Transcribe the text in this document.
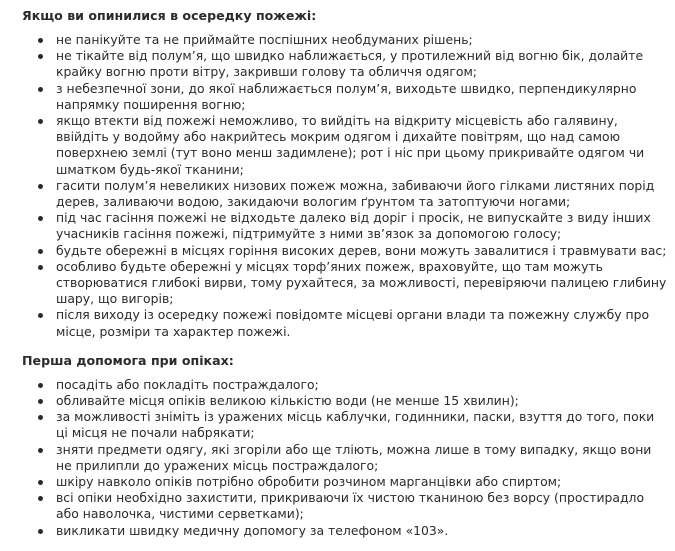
Якщо ви опинилися в осередку пожежі:

не панікуйте та не приймайте поспішних необдуманих рішень;
не тікайте від полум’я, що швидко наближається, у протилежний від вогню бік, долайте крайку вогню проти вітру, закривши голову та обличчя одягом;
з небезпечної зони, до якої наближається полум’я, виходьте швидко, перпендикулярно напрямку поширення вогню;
якщо втекти від пожежі неможливо, то вийдіть на відкриту місцевість або галявину, ввійдіть у водойму або накрийтесь мокрим одягом і дихайте повітрям, що над самою поверхнею землі (тут воно менш задимлене); рот і ніс при цьому прикривайте одягом чи шматком будь-якої тканини;
гасити полум’я невеликих низових пожеж можна, забиваючи його гілками листяних порід дерев, заливаючи водою, закидаючи вологим ґрунтом та затоптуючи ногами;
під час гасіння пожежі не відходьте далеко від доріг і просік, не випускайте з виду інших учасників гасіння пожежі, підтримуйте з ними зв’язок за допомогою голосу;
будьте обережні в місцях горіння високих дерев, вони можуть завалитися і травмувати вас;
особливо будьте обережні у місцях торф’яних пожеж, враховуйте, що там можуть створюватися глибокі вирви, тому рухайтеся, за можливості, перевіряючи палицею глибину шару, що вигорів;
після виходу із осередку пожежі повідомте місцеві органи влади та пожежну службу про місце, розміри та характер пожежі.

Перша допомога при опіках:

посадіть або покладіть постраждалого;
обливайте місця опіків великою кількістю води (не менше 15 хвилин);
за можливості зніміть із уражених місць каблучки, годинники, паски, взуття до того, поки ці місця не почали набрякати;
зняти предмети одягу, які згоріли або ще тліють, можна лише в тому випадку, якщо вони не прилипли до уражених місць постраждалого;
шкіру навколо опіків потрібно обробити розчином марганцівки або спиртом;
всі опіки необхідно захистити, прикриваючи їх чистою тканиною без ворсу (простирадло або наволочка, чистими серветками);
викликати швидку медичну допомогу за телефоном «103».
